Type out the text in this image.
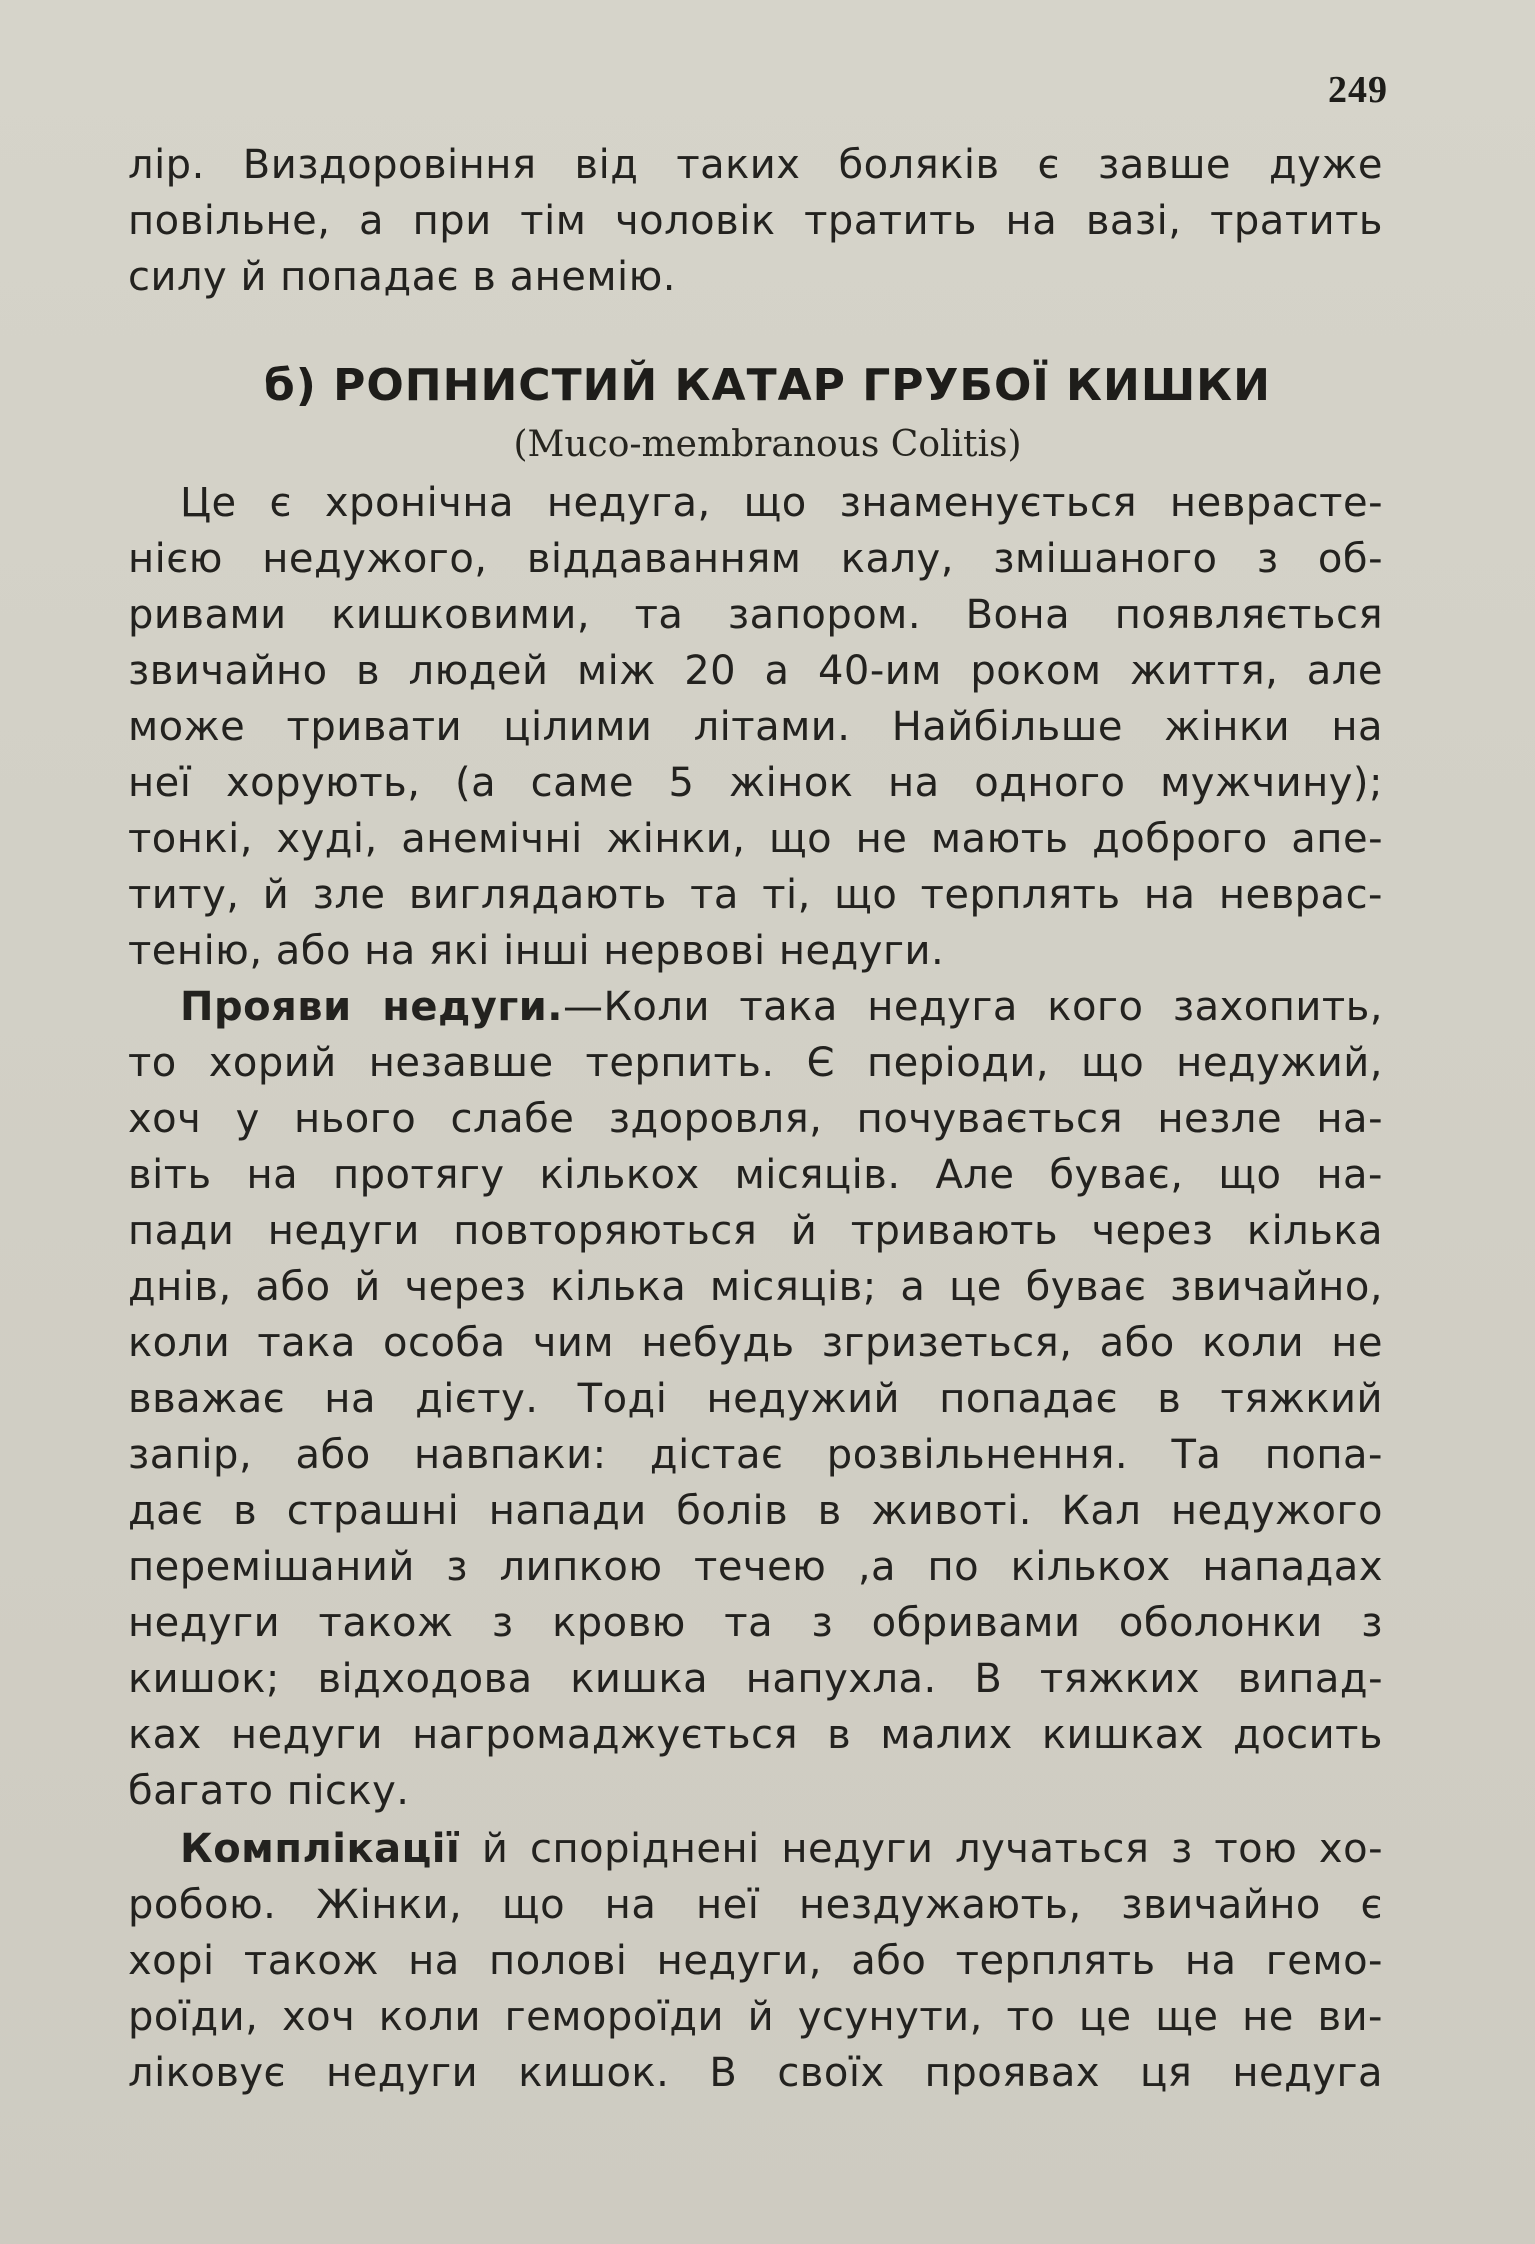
249
лір. Виздоровіння від таких боляків є завше дуже
повільне, а при тім чоловік тратить на вазі, тратить
силу й попадає в анемію.
б) РОПНИСТИЙ КАТАР ГРУБОЇ КИШКИ
(Muco-membranous Colitis)
Це є хронічна недуга, що знаменується неврасте-
нією недужого, віддаванням калу, змішаного з об-
ривами кишковими, та запором. Вона появляється
звичайно в людей між 20 а 40-им роком життя, але
може тривати цілими літами. Найбільше жінки на
неї хорують, (а саме 5 жінок на одного мужчину);
тонкі, худі, анемічні жінки, що не мають доброго апе-
титу, й зле виглядають та ті, що терплять на неврас-
тенію, або на які інші нервові недуги.
Прояви недуги.—Коли така недуга кого захопить,
то хорий незавше терпить. Є періоди, що недужий,
хоч у нього слабе здоровля, почувається незле на-
віть на протягу кількох місяців. Але буває, що на-
пади недуги повторяються й тривають через кілька
днів, або й через кілька місяців; а це буває звичайно,
коли така особа чим небудь згризеться, або коли не
вважає на дієту. Тоді недужий попадає в тяжкий
запір, або навпаки: дістає розвільнення. Та попа-
дає в страшні напади болів в животі. Кал недужого
перемішаний з липкою течею ,а по кількох нападах
недуги також з кровю та з обривами оболонки з
кишок; відходова кишка напухла. В тяжких випад-
ках недуги нагромаджується в малих кишках досить
багато піску.
Комплікації й споріднені недуги лучаться з тою хо-
робою. Жінки, що на неї нездужають, звичайно є
хорі також на полові недуги, або терплять на гемо-
роїди, хоч коли гемороїди й усунути, то це ще не ви-
ліковує недуги кишок. В своїх проявах ця недуга
